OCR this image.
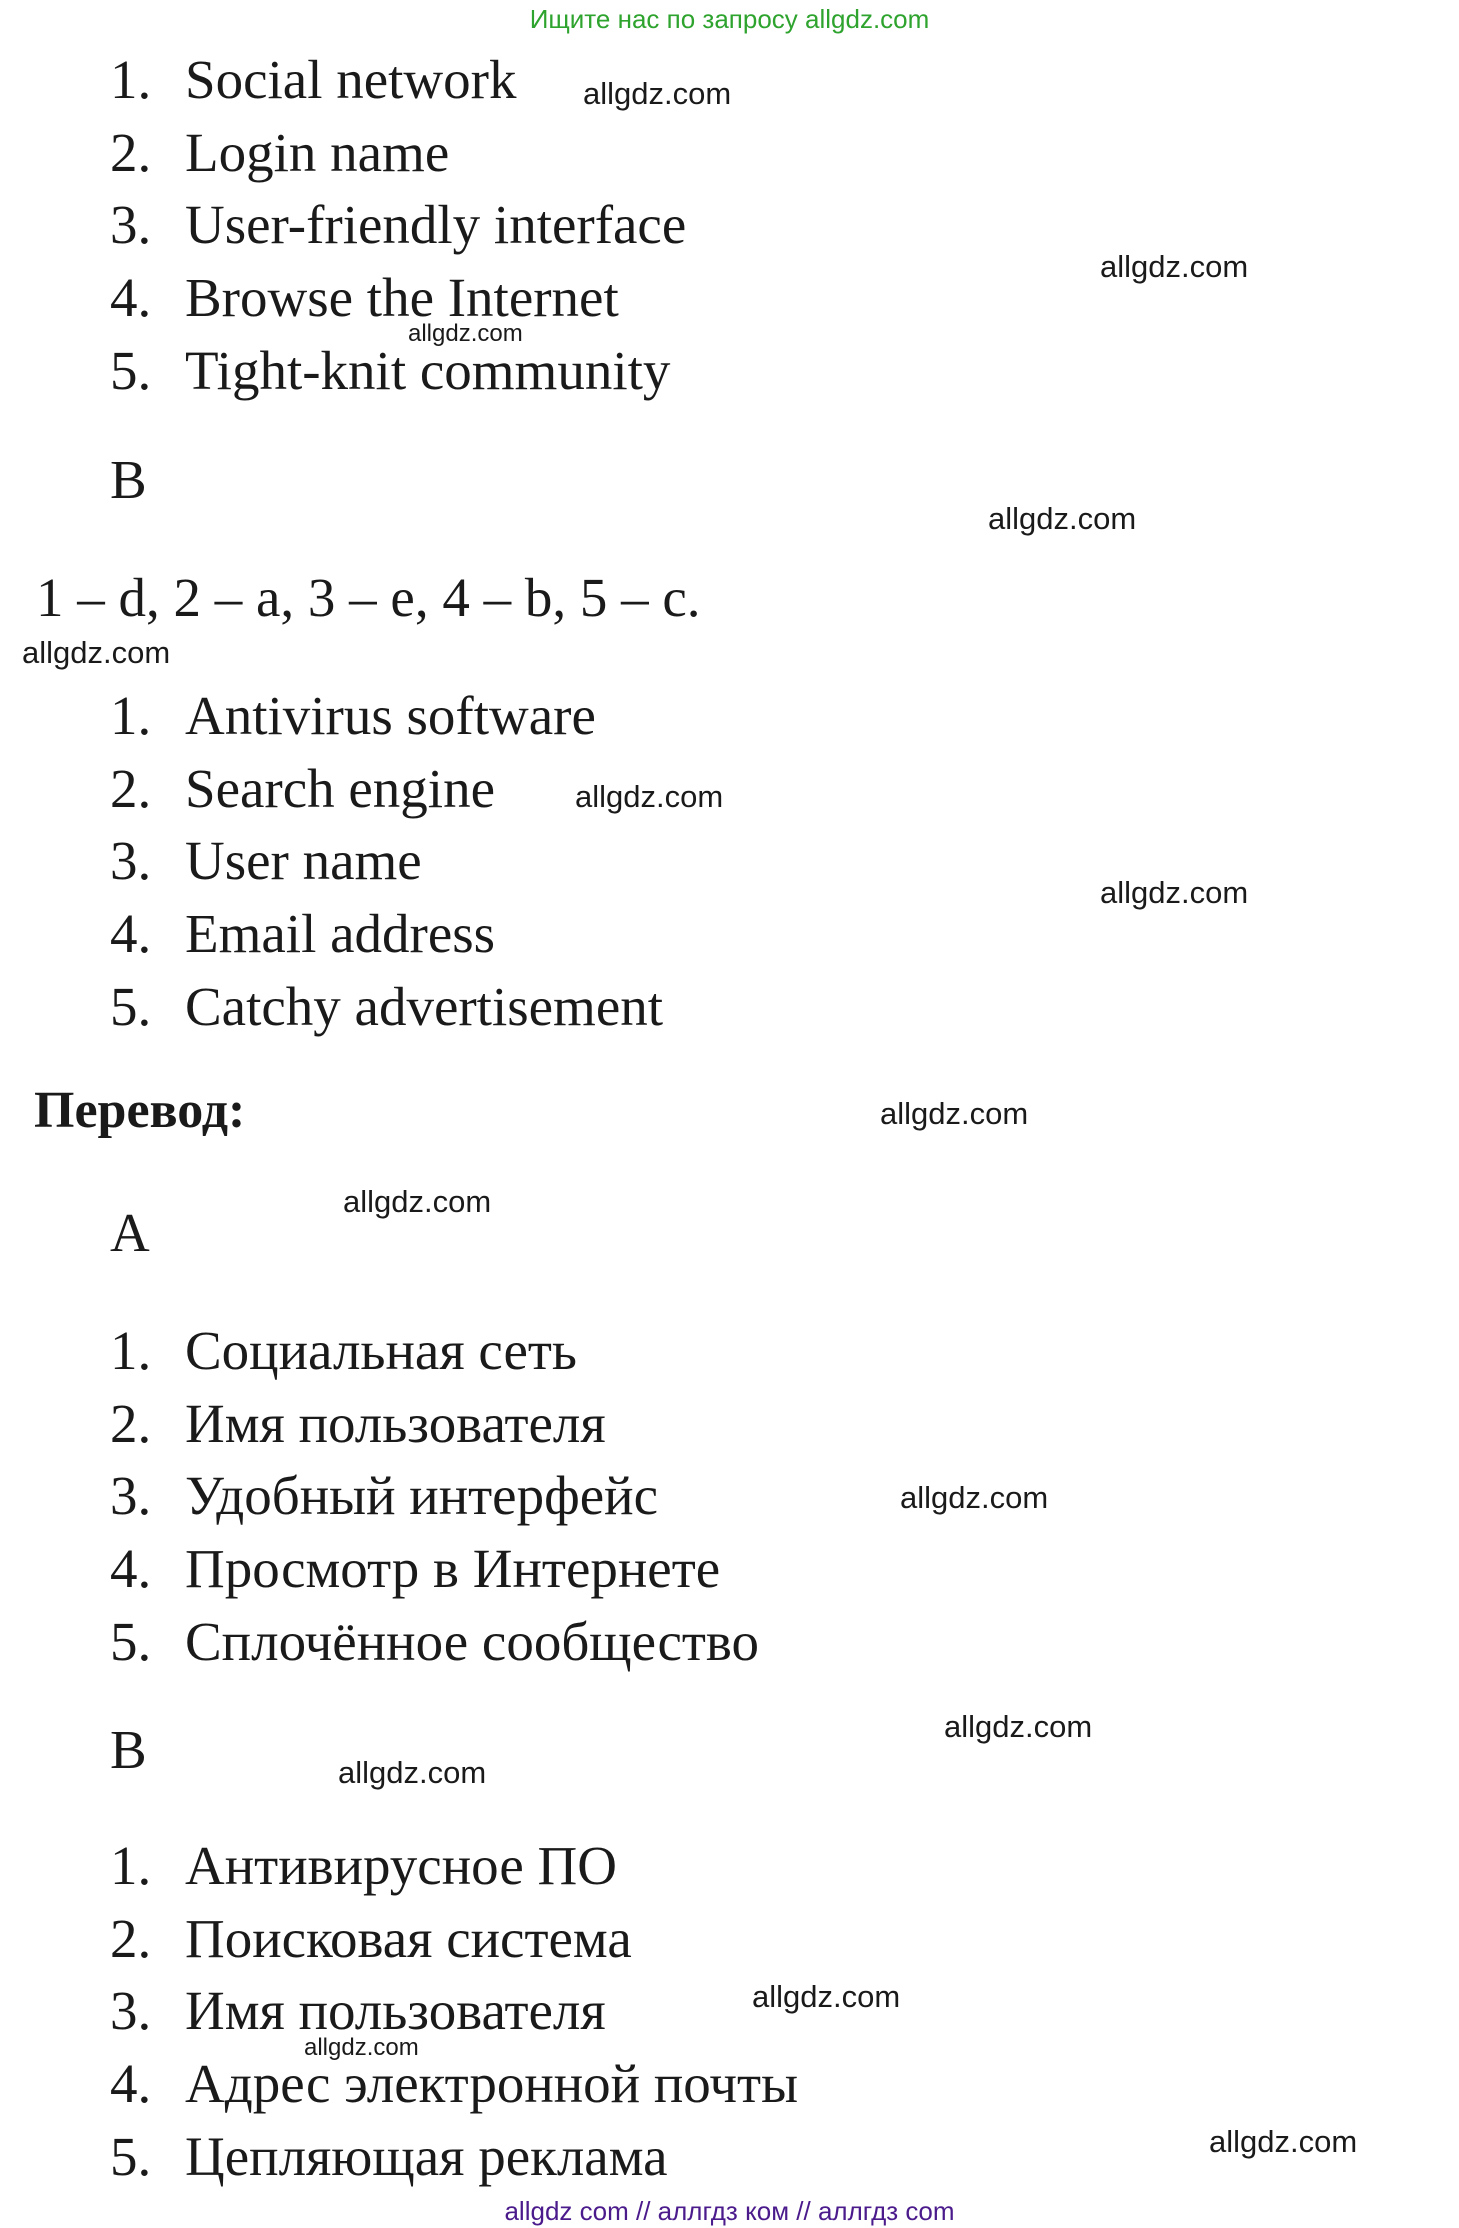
Ищите нас по запросу allgdz.com
1. Social network
2. Login name
3. User-friendly interface
4. Browse the Internet
5. Tight-knit community
B
1 – d, 2 – a, 3 – e, 4 – b, 5 – c.
1. Antivirus software
2. Search engine
3. User name
4. Email address
5. Catchy advertisement
Перевод:
A
1. Социальная сеть
2. Имя пользователя
3. Удобный интерфейс
4. Просмотр в Интернете
5. Сплочённое сообщество
B
1. Антивирусное ПО
2. Поисковая система
3. Имя пользователя
4. Адрес электронной почты
5. Цепляющая реклама
allgdz.com
allgdz.com
allgdz.com
allgdz.com
allgdz.com
allgdz.com
allgdz.com
allgdz.com
allgdz.com
allgdz.com
allgdz.com
allgdz.com
allgdz.com
allgdz.com
allgdz.com
allgdz com // аллгдз ком // аллгдз com
